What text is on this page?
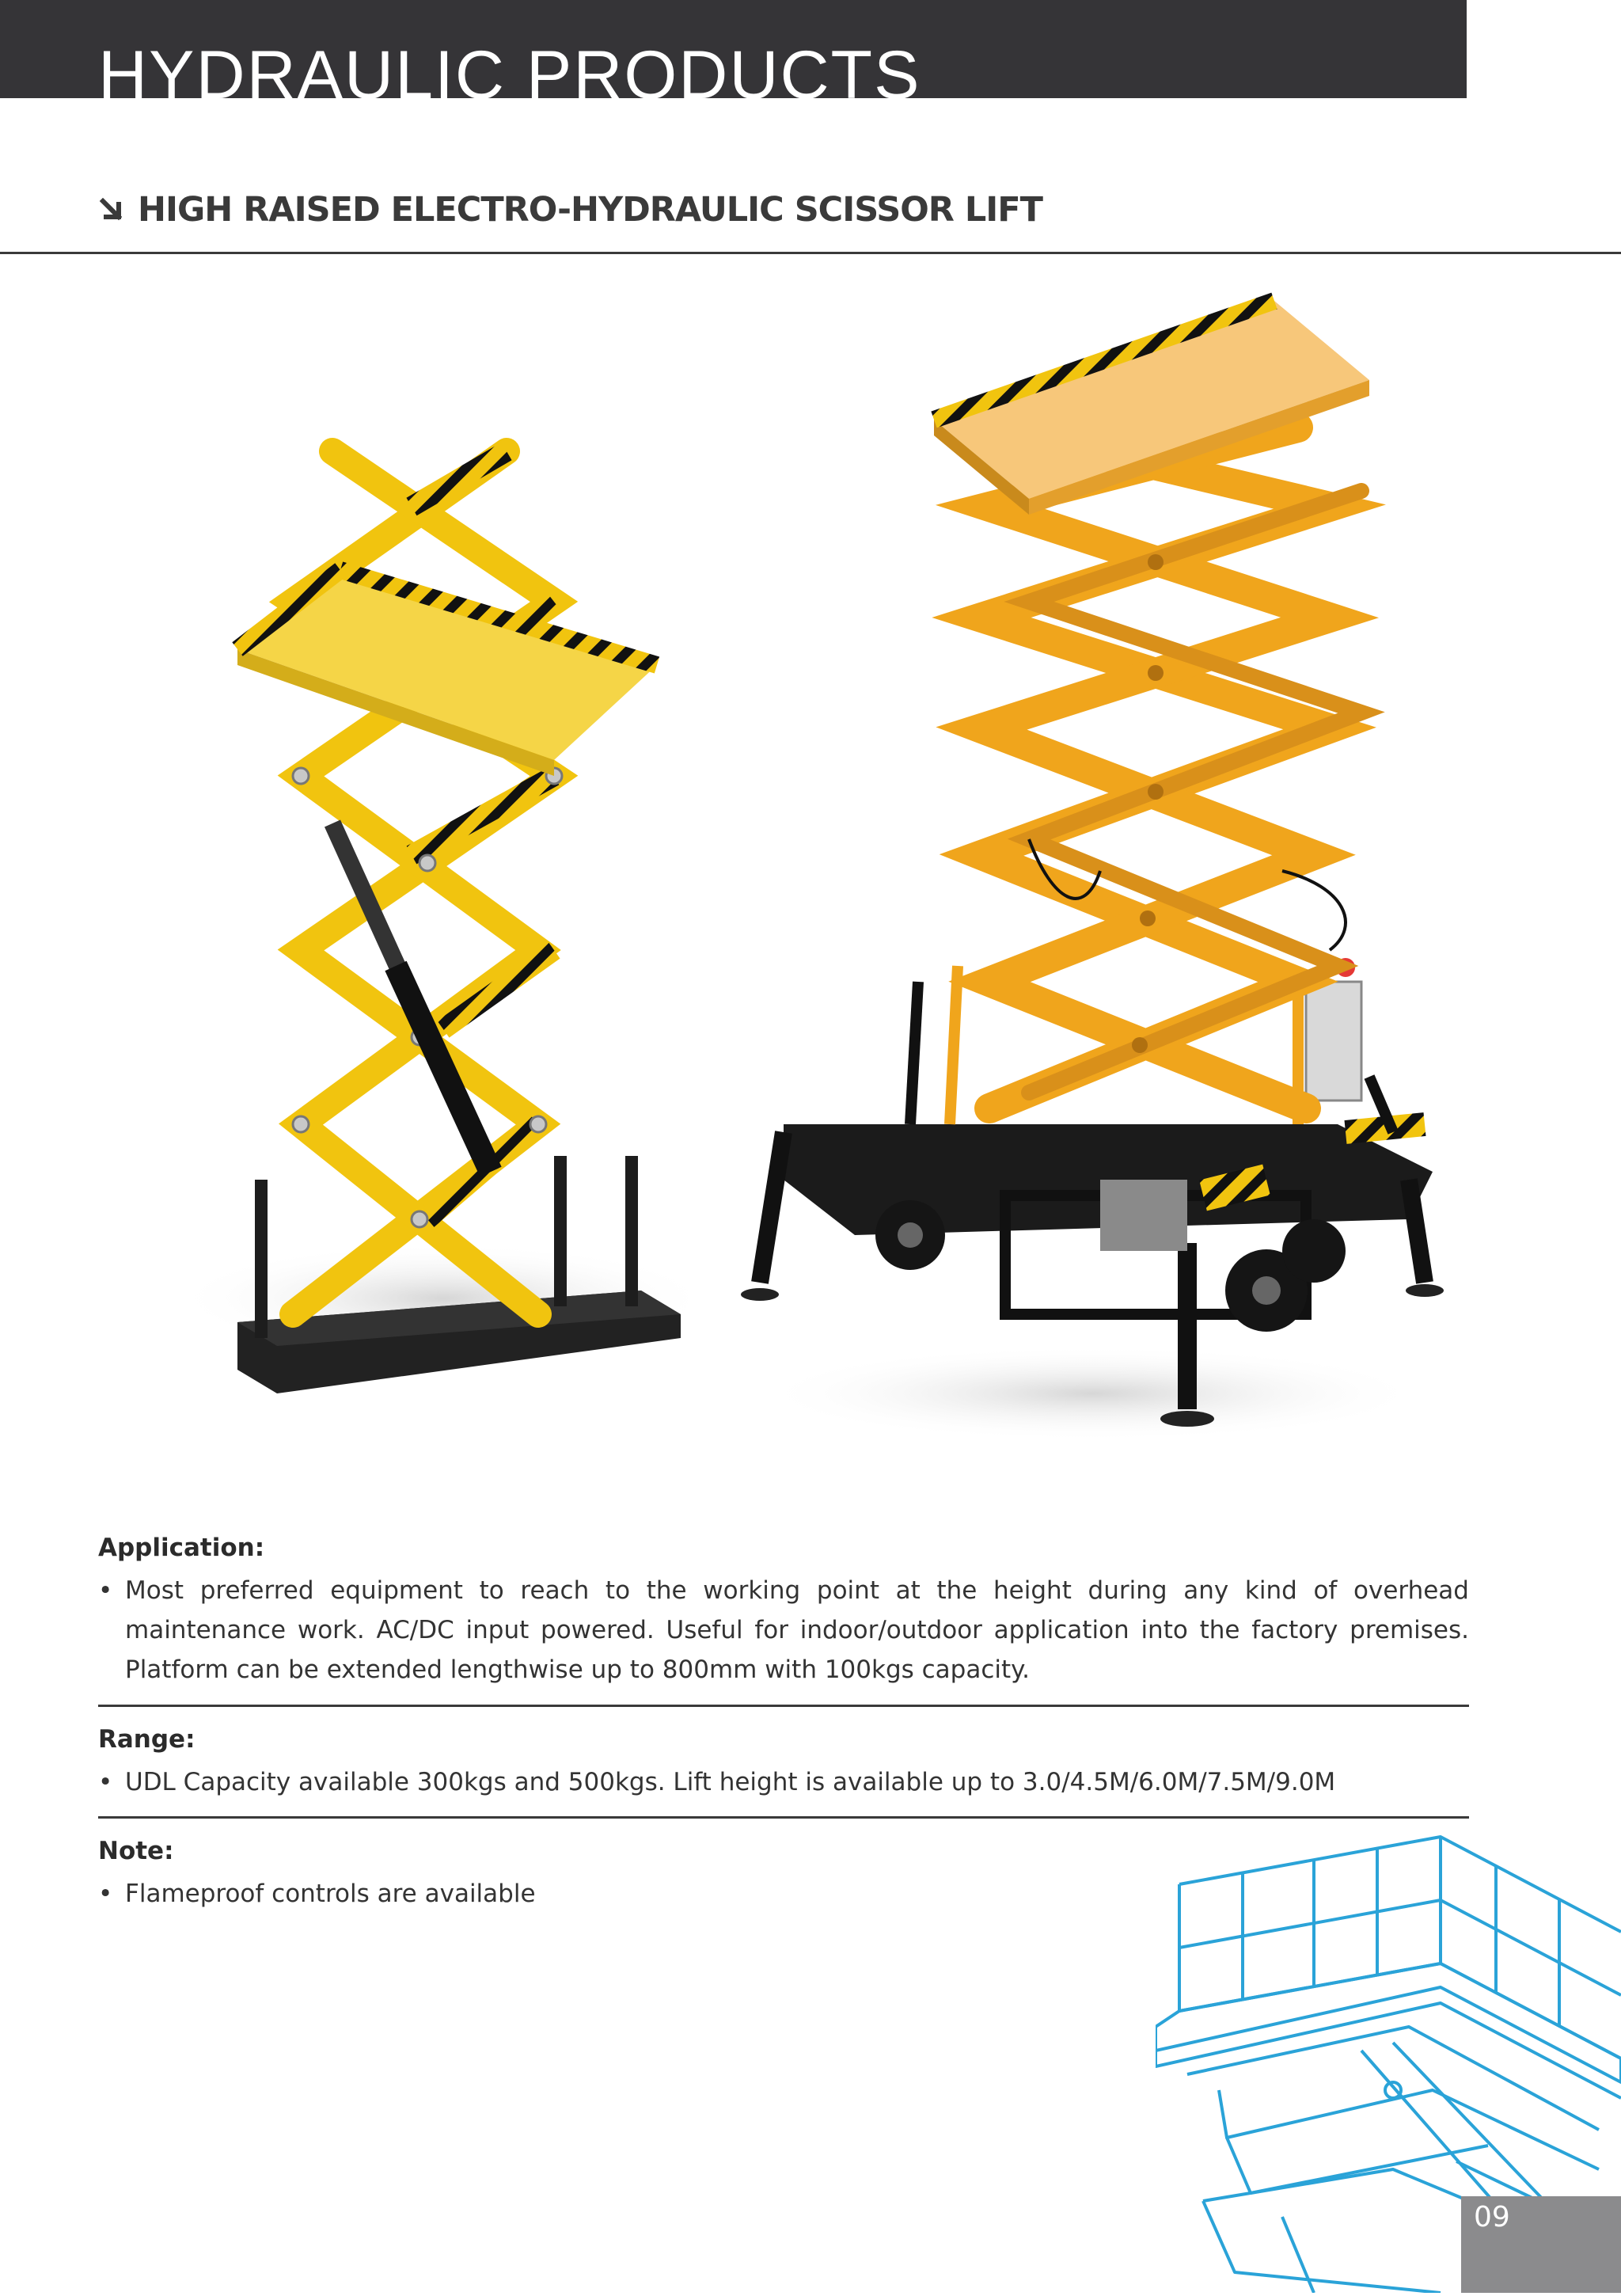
HYDRAULIC PRODUCTS
HIGH RAISED ELECTRO-HYDRAULIC SCISSOR LIFT

Application:

• Most preferred equipment to reach to the working point at the height during any kind of overhead maintenance work. AC/DC input powered. Useful for indoor/outdoor application into the factory premises. Platform can be extended lengthwise up to 800mm with 100kgs capacity.

Range:

• UDL Capacity available 300kgs and 500kgs. Lift height is available up to 3.0/4.5M/6.0M/7.5M/9.0M

Note:

• Flameproof controls are available

09
